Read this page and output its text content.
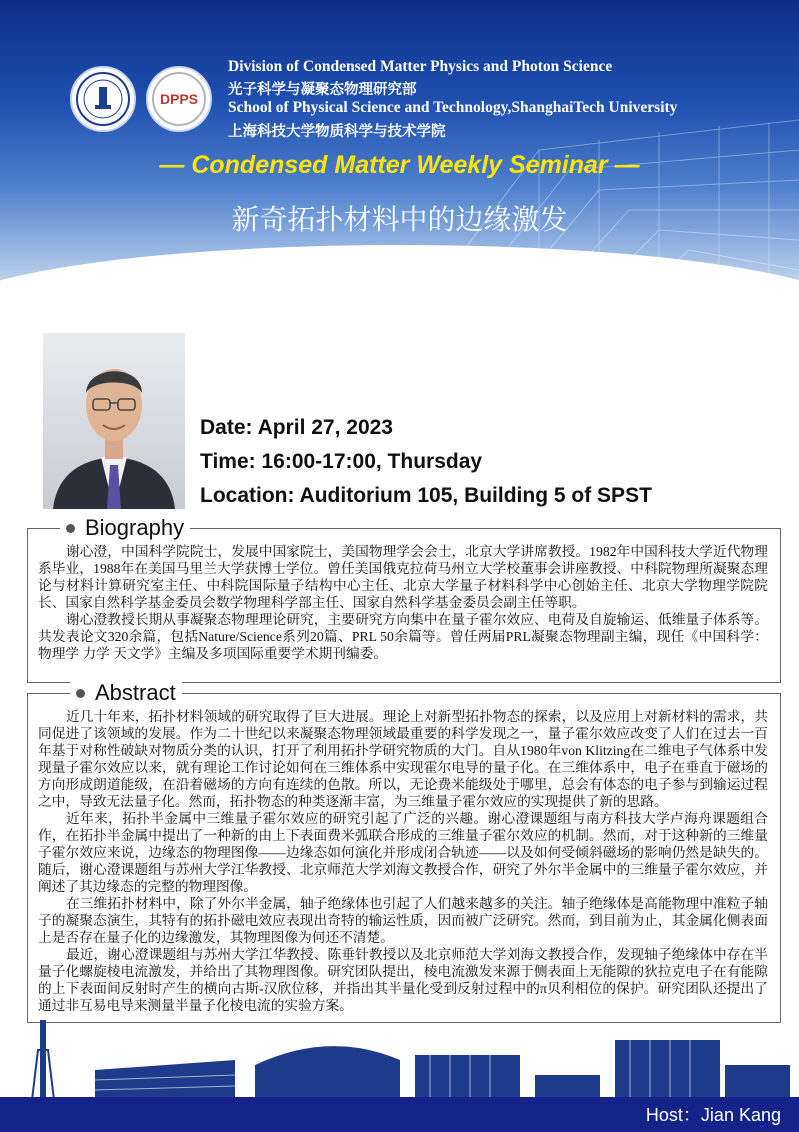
DPPS
Division of Condensed Matter Physics and Photon Science
光子科学与凝聚态物理研究部
School of Physical Science and Technology,ShanghaiTech University
上海科技大学物质科学与技术学院
— Condensed Matter Weekly Seminar —
新奇拓扑材料中的边缘激发
谢心澄
北京大学物理学院
Date: April 27, 2023
Time: 16:00-17:00, Thursday
Location: Auditorium 105, Building 5 of SPST

谢心澄，中国科学院院士，发展中国家院士，美国物理学会会士，北京大学讲席教授。1982年中国科技大学近代物理系毕业，1988年在美国马里兰大学获博士学位。曾任美国俄克拉荷马州立大学校董事会讲座教授、中科院物理所凝聚态理论与材料计算研究室主任、中科院国际量子结构中心主任、北京大学量子材料科学中心创始主任、北京大学物理学院院长、国家自然科学基金委员会数学物理科学部主任、国家自然科学基金委员会副主任等职。

谢心澄教授长期从事凝聚态物理理论研究，主要研究方向集中在量子霍尔效应、电荷及自旋输运、低维量子体系等。共发表论文320余篇，包括Nature/Science系列20篇、PRL 50余篇等。曾任两届PRL凝聚态物理副主编，现任《中国科学：物理学 力学 天文学》主编及多项国际重要学术期刊编委。

Biography

近几十年来，拓扑材料领域的研究取得了巨大进展。理论上对新型拓扑物态的探索，以及应用上对新材料的需求，共同促进了该领域的发展。作为二十世纪以来凝聚态物理领域最重要的科学发现之一，量子霍尔效应改变了人们在过去一百年基于对称性破缺对物质分类的认识，打开了利用拓扑学研究物质的大门。自从1980年von Klitzing在二维电子气体系中发现量子霍尔效应以来，就有理论工作讨论如何在三维体系中实现霍尔电导的量子化。在三维体系中，电子在垂直于磁场的方向形成朗道能级，在沿着磁场的方向有连续的色散。所以，无论费米能级处于哪里，总会有体态的电子参与到输运过程之中，导致无法量子化。然而，拓扑物态的种类逐渐丰富，为三维量子霍尔效应的实现提供了新的思路。

近年来，拓扑半金属中三维量子霍尔效应的研究引起了广泛的兴趣。谢心澄课题组与南方科技大学卢海舟课题组合作，在拓扑半金属中提出了一种新的由上下表面费米弧联合形成的三维量子霍尔效应的机制。然而，对于这种新的三维量子霍尔效应来说，边缘态的物理图像——边缘态如何演化并形成闭合轨迹——以及如何受倾斜磁场的影响仍然是缺失的。随后，谢心澄课题组与苏州大学江华教授、北京师范大学刘海文教授合作，研究了外尔半金属中的三维量子霍尔效应，并阐述了其边缘态的完整的物理图像。

在三维拓扑材料中，除了外尔半金属，轴子绝缘体也引起了人们越来越多的关注。轴子绝缘体是高能物理中准粒子轴子的凝聚态演生，其特有的拓扑磁电效应表现出奇特的输运性质，因而被广泛研究。然而，到目前为止，其金属化侧表面上是否存在量子化的边缘激发，其物理图像为何还不清楚。

最近，谢心澄课题组与苏州大学江华教授、陈垂针教授以及北京师范大学刘海文教授合作，发现轴子绝缘体中存在半量子化螺旋棱电流激发，并给出了其物理图像。研究团队提出，棱电流激发来源于侧表面上无能隙的狄拉克电子在有能隙的上下表面间反射时产生的横向古斯-汉欣位移，并指出其半量化受到反射过程中的π贝利相位的保护。研究团队还提出了通过非互易电导来测量半量子化棱电流的实验方案。

Abstract
Host：Jian Kang
